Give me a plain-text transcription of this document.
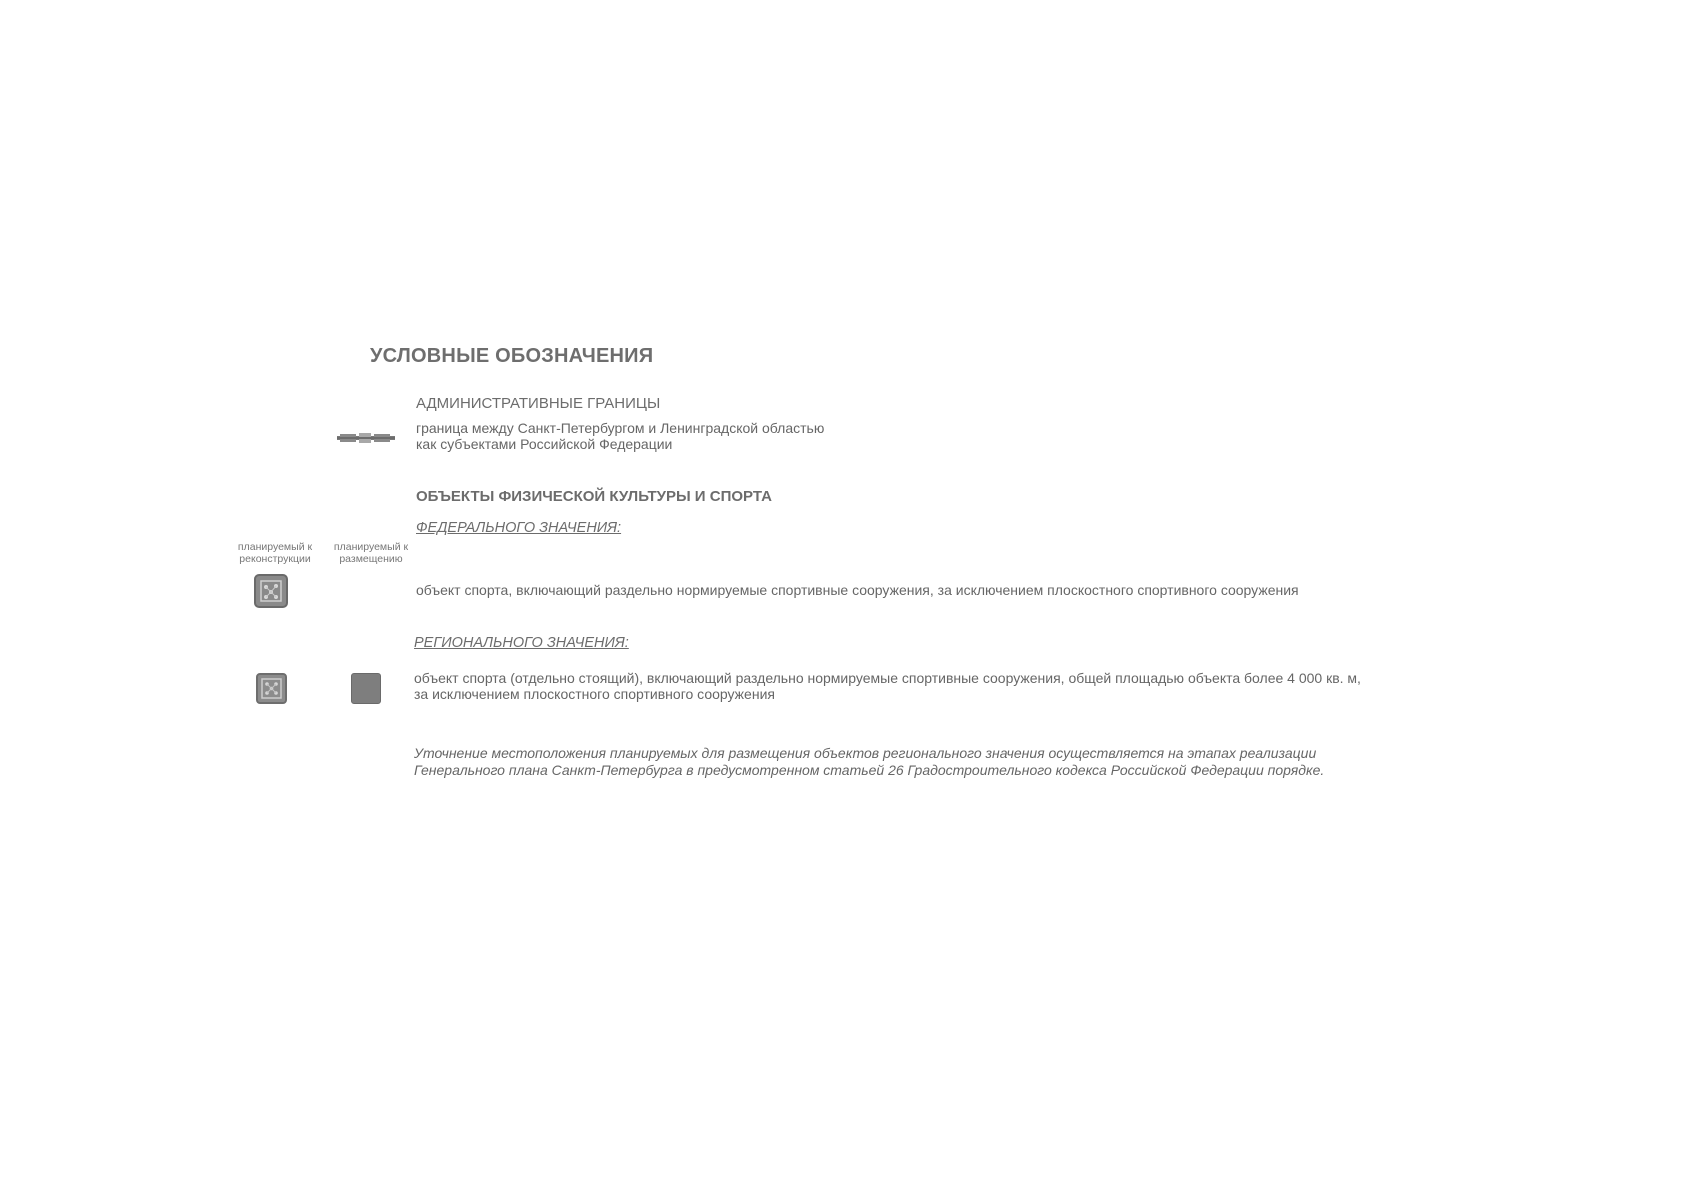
УСЛОВНЫЕ ОБОЗНАЧЕНИЯ
АДМИНИСТРАТИВНЫЕ ГРАНИЦЫ
граница между Санкт-Петербургом и Ленинградской областью
как субъектами Российской Федерации
ОБЪЕКТЫ ФИЗИЧЕСКОЙ КУЛЬТУРЫ И СПОРТА
ФЕДЕРАЛЬНОГО ЗНАЧЕНИЯ:
планируемый к
реконструкции
планируемый к
размещению
объект спорта, включающий раздельно нормируемые спортивные сооружения, за исключением плоскостного спортивного сооружения
РЕГИОНАЛЬНОГО ЗНАЧЕНИЯ:
объект спорта (отдельно стоящий), включающий раздельно нормируемые спортивные сооружения, общей площадью объекта более 4 000 кв. м,
за исключением плоскостного спортивного сооружения
Уточнение местоположения планируемых для размещения объектов регионального значения осуществляется на этапах реализации
Генерального плана Санкт-Петербурга в предусмотренном статьей 26 Градостроительного кодекса Российской Федерации порядке.
